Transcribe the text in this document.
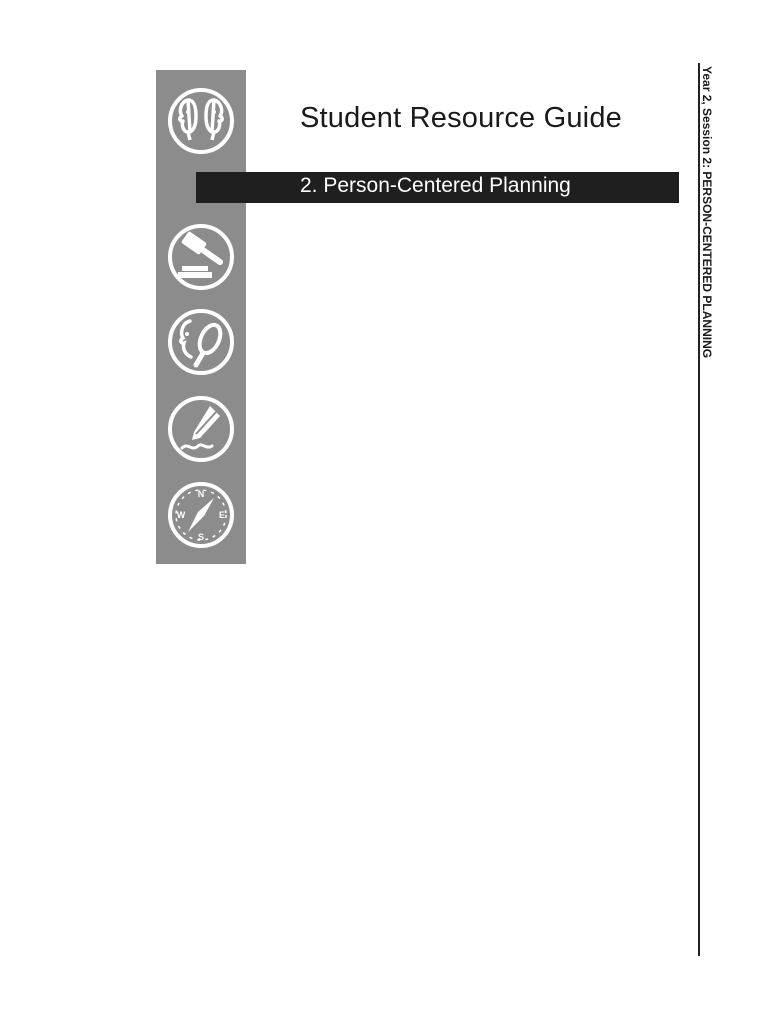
N
E
S
W
Student Resource Guide
2. Person-Centered Planning
Year 2, Session 2: PERSON-CENTERED PLANNING
